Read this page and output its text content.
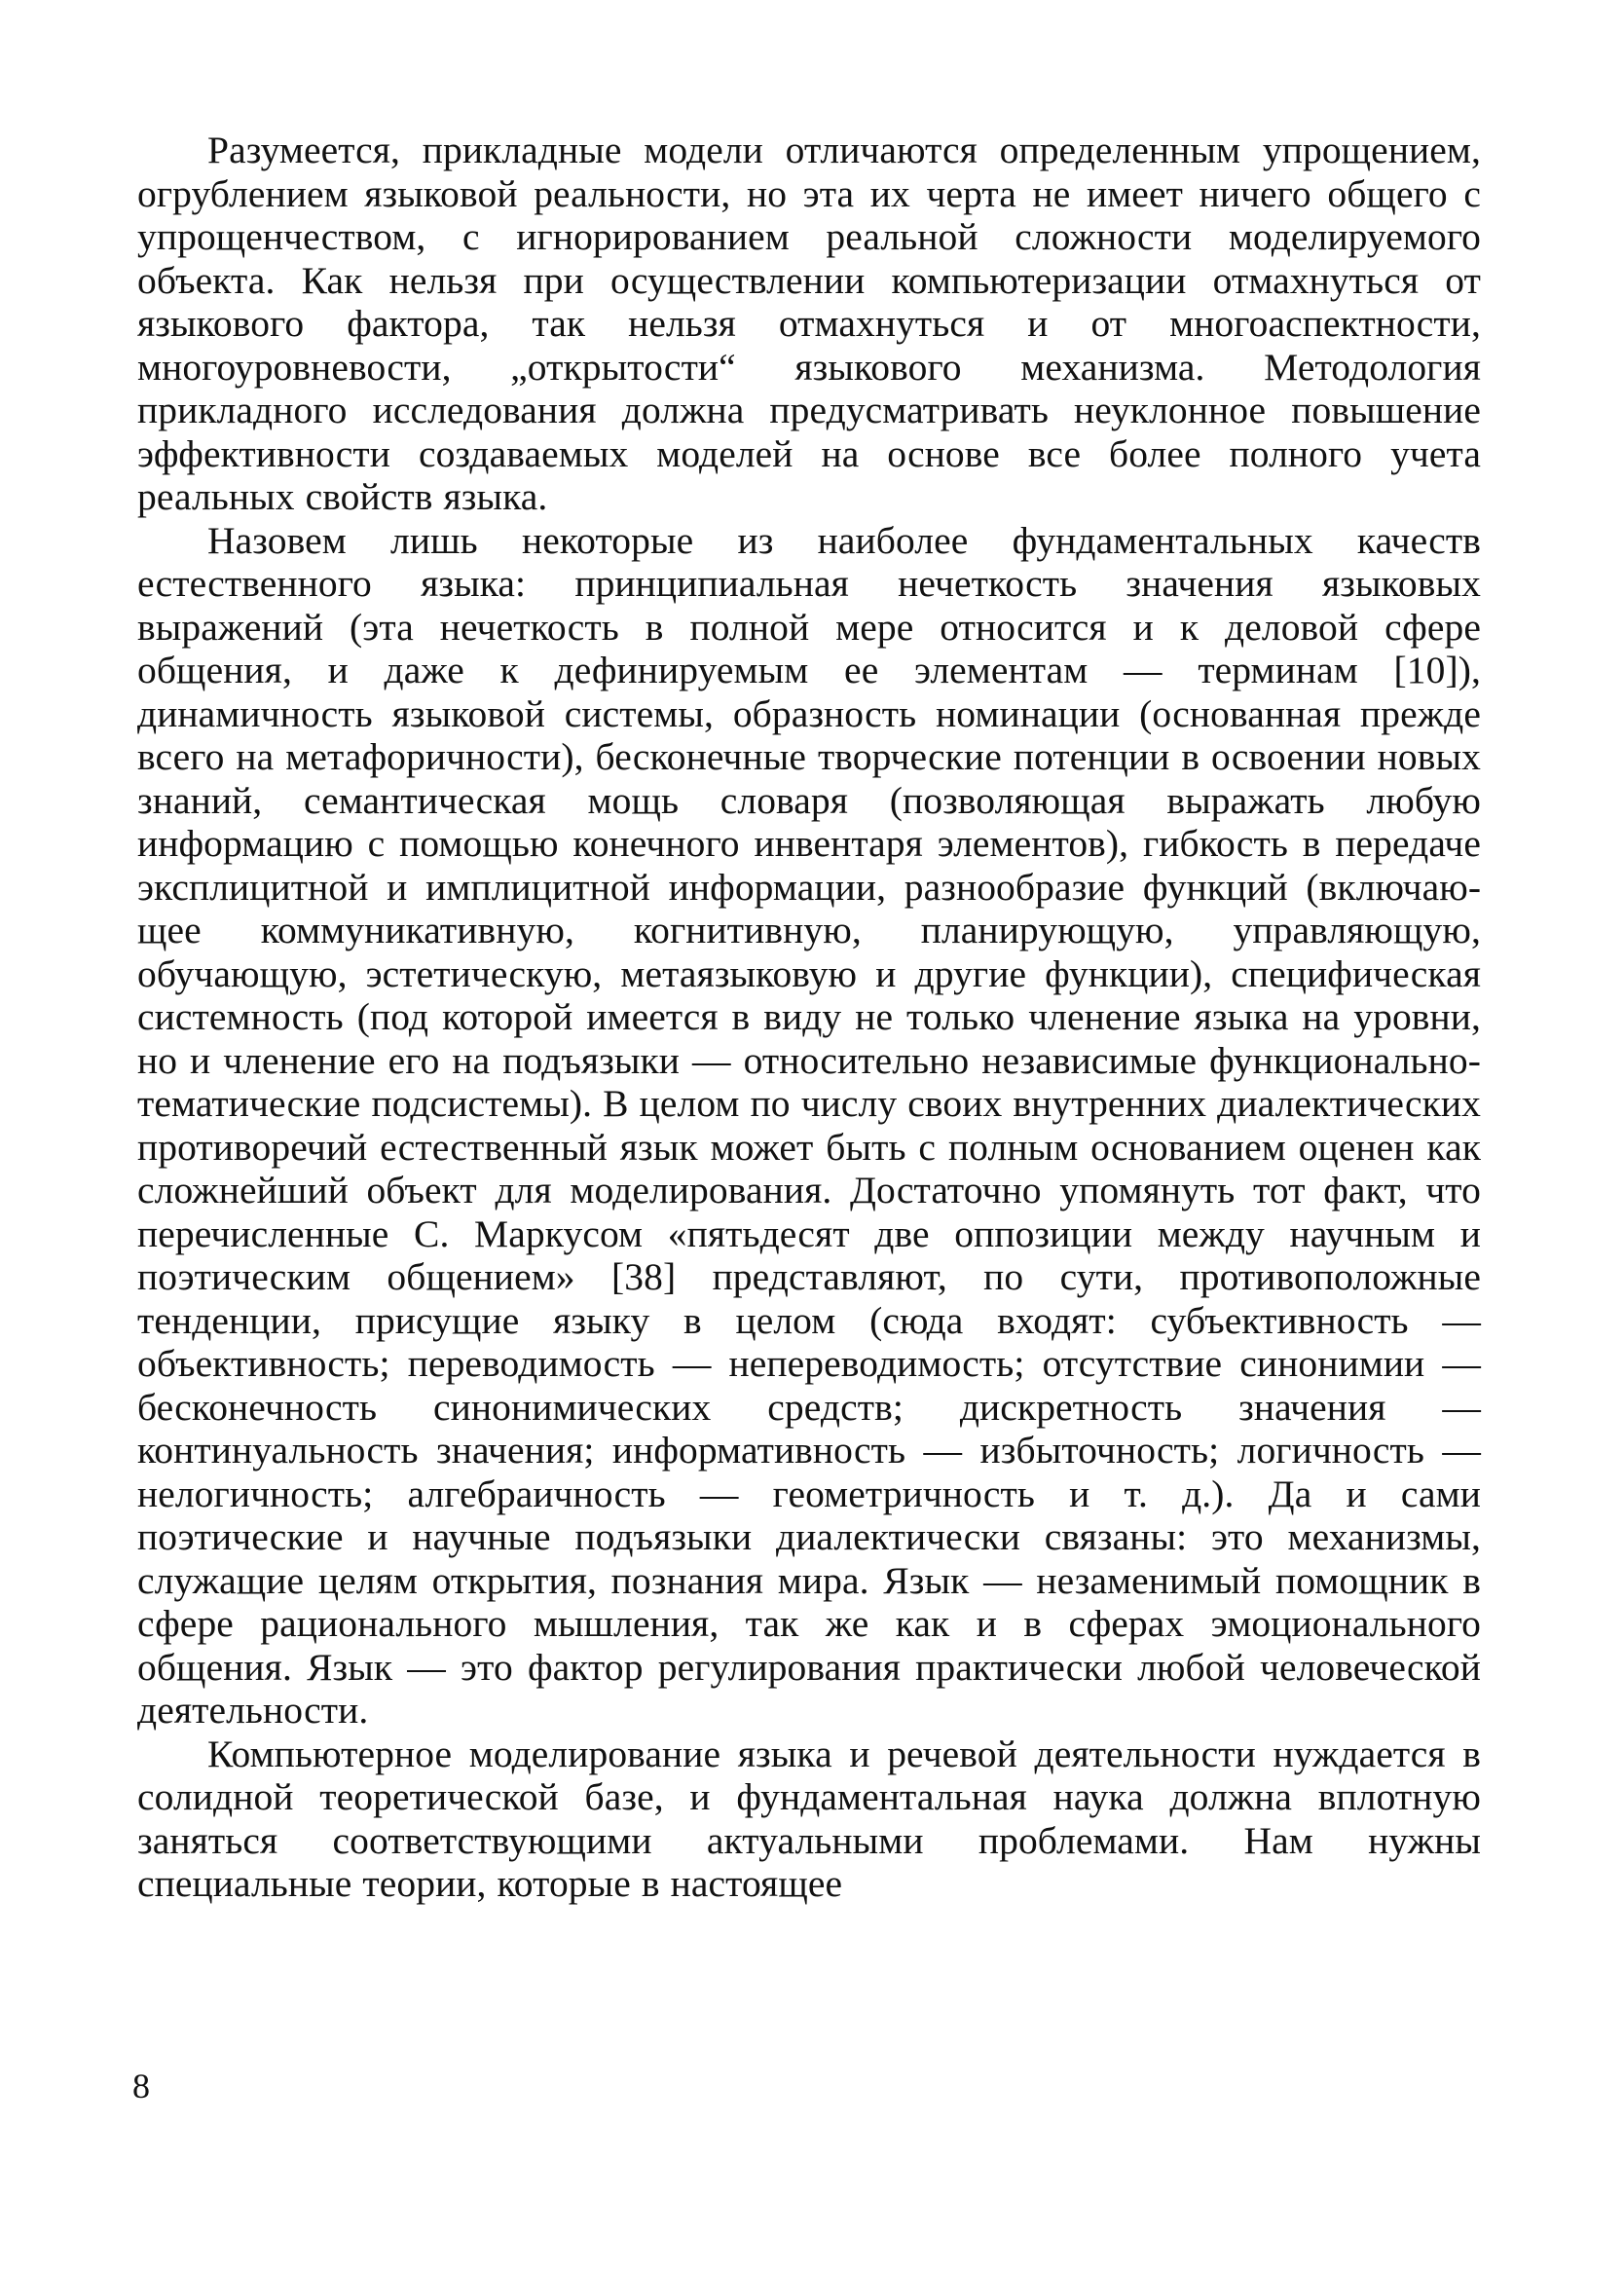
Разумеется, прикладные модели отличаются определенным упрощением, огрублением языковой реальности, но эта их черта не имеет ничего общего с упрощенчеством, с игнорированием реальной сложности моделируемого объекта. Как нельзя при осуществлении компьютеризации отмахнуться от языкового фактора, так нельзя отмахнуться и от многоаспектности, многоуровневости, „открытости“ языкового механизма. Методология прикладного исследования должна предусматривать неуклонное повышение эффективности создаваемых моделей на основе все более полного учета реальных свойств языка.

Назовем лишь некоторые из наиболее фундаментальных качеств естественного языка: принципиальная нечеткость значения языковых выражений (эта нечеткость в полной мере относится и к деловой сфере общения, и даже к дефинируемым ее элементам — терминам [10]), динамичность языковой системы, образность номинации (основанная прежде всего на метафоричности), бесконечные творческие потенции в освоении новых знаний, семантическая мощь словаря (позволяющая выражать любую информацию с помощью конечного инвентаря элементов), гибкость в передаче эксплицитной и имплицитной информации, разнообразие функций (включающее коммуникативную, когнитивную, планирующую, управляющую, обучающую, эстетическую, метаязыковую и другие функции), специфическая системность (под которой имеется в виду не только членение языка на уровни, но и членение его на подъязыки — относительно независимые функционально-тематические подсистемы). В целом по числу своих внутренних диалектических противоречий естественный язык может быть с полным основанием оценен как сложнейший объект для моделирования. Достаточно упомянуть тот факт, что перечисленные С. Маркусом «пятьдесят две оппозиции между научным и поэтическим общением» [38] представляют, по сути, противоположные тенденции, присущие языку в целом (сюда входят: субъективность — объективность; переводимость — непереводимость; отсутствие синонимии — бесконечность синонимических средств; дискретность значения — континуальность значения; информативность — избыточность; логичность — нелогичность; алгебраичность — геометричность и т. д.). Да и сами поэтические и научные подъязыки диалектически связаны: это механизмы, служащие целям открытия, познания мира. Язык — незаменимый помощник в сфере рационального мышления, так же как и в сферах эмоционального общения. Язык — это фактор регулирования практически любой человеческой деятельности.

Компьютерное моделирование языка и речевой деятельности нуждается в солидной теоретической базе, и фундаментальная наука должна вплотную заняться соответствующими актуальными проблемами. Нам нужны специальные теории, которые в настоящее

8
